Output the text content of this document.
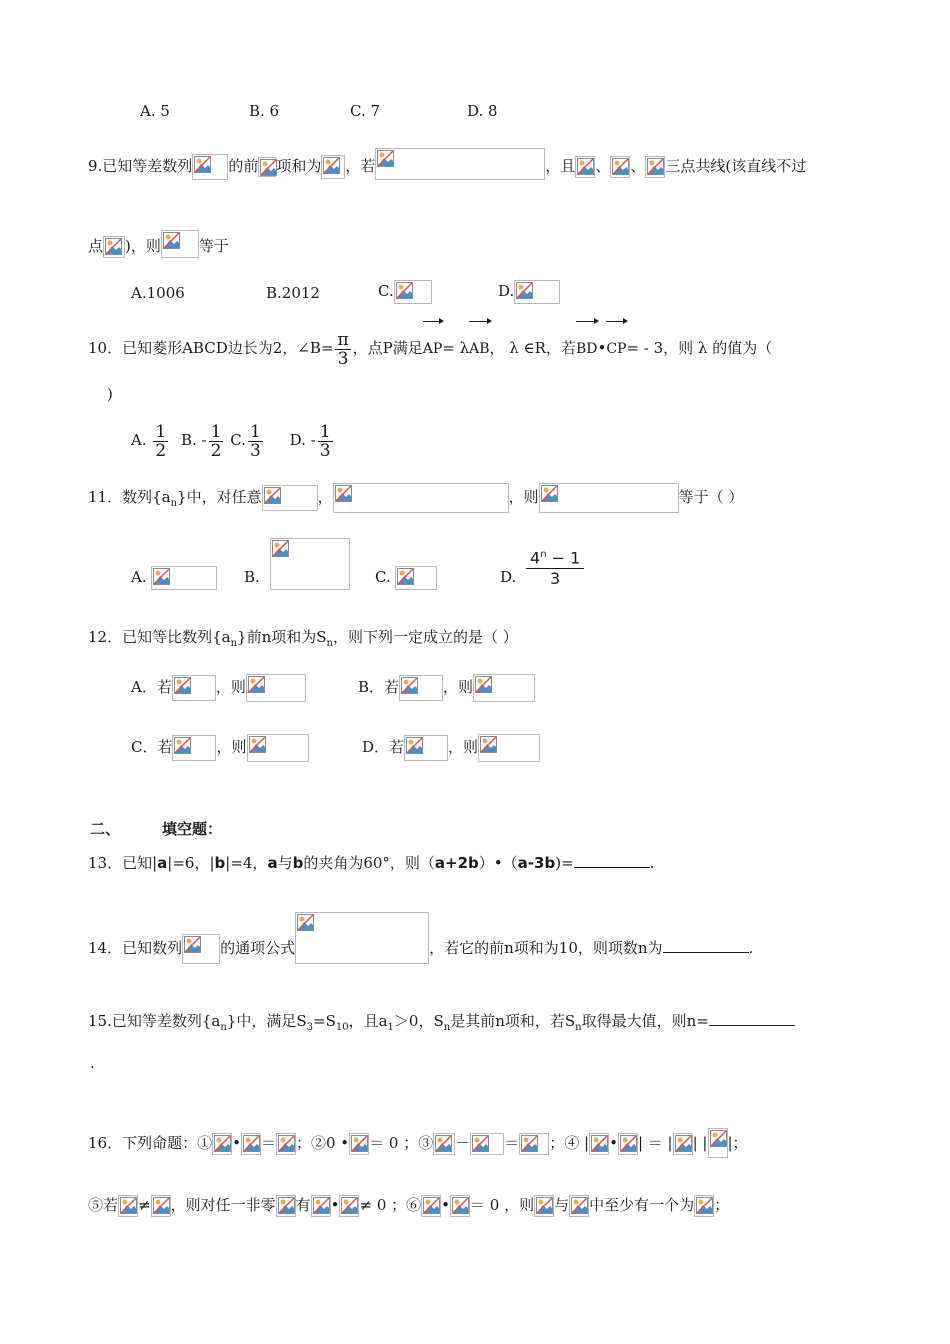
A. 5	B. 6	C. 7	D. 8
9.已知等差数列 的前 项和为 ，若	，且 、 、 三点共线(该直线不过
点 )，则	等于
A.1006	B.2012	C.	D.
10．已知菱形ABCD边长为2，∠B= $\frac{\pi}{3}$ ，点P满足AP= λAB， λ ∈R，若BD•CP= - 3，则 λ 的值为（
)
A. $\frac{1}{2} B$. - $\frac{1}{2} C$. $\frac{1}{3} D$. - $\frac{1}{3}$
11．数列$\{a_n\}$中，对任意	，	，则	等于（ ）
A.	B.	C.	D. $\frac{4^n - 1}{3}$
12．已知等比数列$\{a_n\}$前n项和为$S_n$，则下列一定成立的是（ ）
A．若	，则	B．若	，则
C．若	，则	D．若	，则
二、	填空题：
13．已知|a|=6，|b|=4，a与b的夹角为60°，则（a+2b）•（a-3b)=	.
14．已知数列	的通项公式	，若它的前n项和为10，则项数n为	.
15.已知等差数列$\{a_n\}$中，满足$S_3=S_{10}$，且$a_1>0$，$S_n$是其前n项和，若$S_n$取得最大值，则n=
.
16．下列命题：① • ＝ ；②0 • ＝ 0 ；③ － ＝ ；④ | • | ＝ | | | |；
⑤若 ≠ ，则对任一非零 有 • ≠ 0 ；⑥ • ＝ 0 ，则 与 中至少有一个为 ；
